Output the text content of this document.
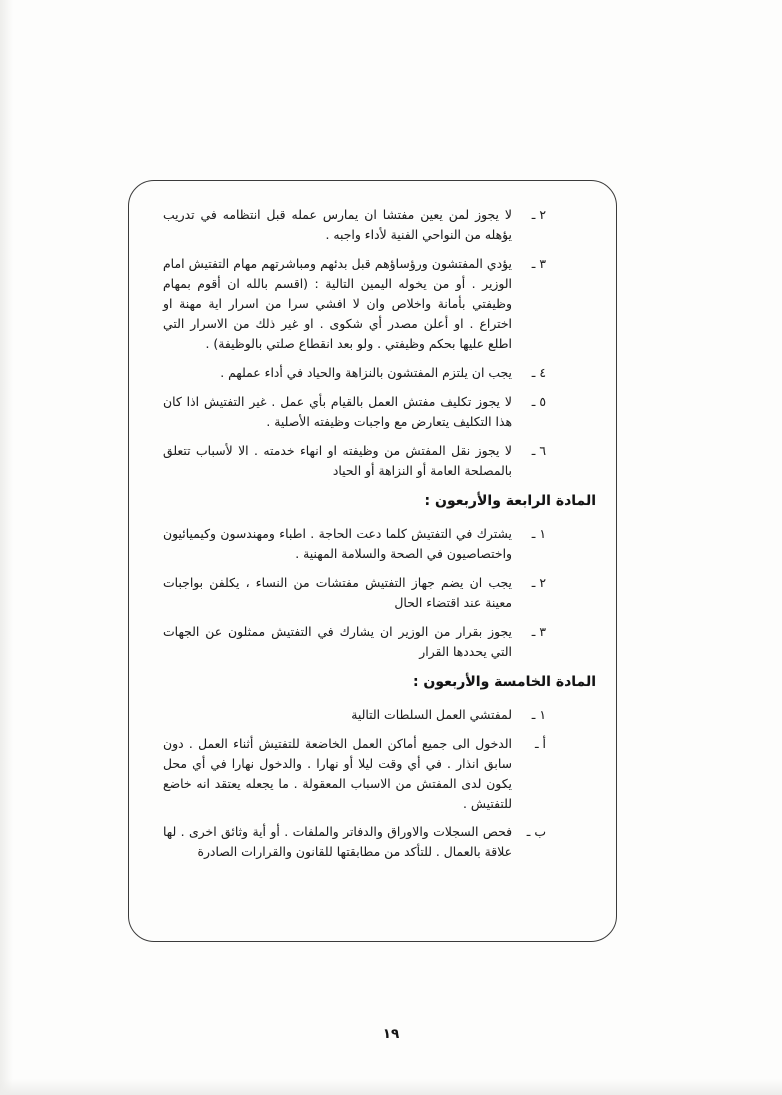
٢ ـ
لا يجوز لمن يعين مفتشا ان يمارس عمله قبل انتظامه في تدريب يؤهله من النواحي الفنية لأداء واجبه .
٣ ـ
يؤدي المفتشون ورؤساؤهم قبل بدئهم ومباشرتهم مهام التفتيش امام الوزير . أو من يخوله اليمين التالية : (اقسم بالله ان أقوم بمهام وظيفتي بأمانة واخلاص وان لا افشي سرا من اسرار اية مهنة او اختراع . او أعلن مصدر أي شكوى . او غير ذلك من الاسرار التي اطلع عليها بحكم وظيفتي . ولو بعد انقطاع صلتي بالوظيفة) .
٤ ـ
يجب ان يلتزم المفتشون بالنزاهة والحياد في أداء عملهم .
٥ ـ
لا يجوز تكليف مفتش العمل بالقيام بأي عمل . غير التفتيش اذا كان هذا التكليف يتعارض مع واجبات وظيفته الأصلية .
٦ ـ
لا يجوز نقل المفتش من وظيفته او انهاء خدمته . الا لأسباب تتعلق بالمصلحة العامة أو النزاهة أو الحياد
المادة الرابعة والأربعون :
١ ـ
يشترك في التفتيش كلما دعت الحاجة . اطباء ومهندسون وكيميائيون واختصاصيون في الصحة والسلامة المهنية .
٢ ـ
يجب ان يضم جهاز التفتيش مفتشات من النساء ، يكلفن بواجبات معينة عند اقتضاء الحال
٣ ـ
يجوز بقرار من الوزير ان يشارك في التفتيش ممثلون عن الجهات التي يحددها القرار
المادة الخامسة والأربعون :
١ ـ
لمفتشي العمل السلطات التالية
أ ـ
الدخول الى جميع أماكن العمل الخاضعة للتفتيش أثناء العمل . دون سابق انذار . في أي وقت ليلا أو نهارا . والدخول نهارا في أي محل يكون لدى المفتش من الاسباب المعقولة . ما يجعله يعتقد انه خاضع للتفتيش .
ب ـ
فحص السجلات والاوراق والدفاتر والملفات . أو أية وثائق اخرى . لها علاقة بالعمال . للتأكد من مطابقتها للقانون والقرارات الصادرة
١٩
